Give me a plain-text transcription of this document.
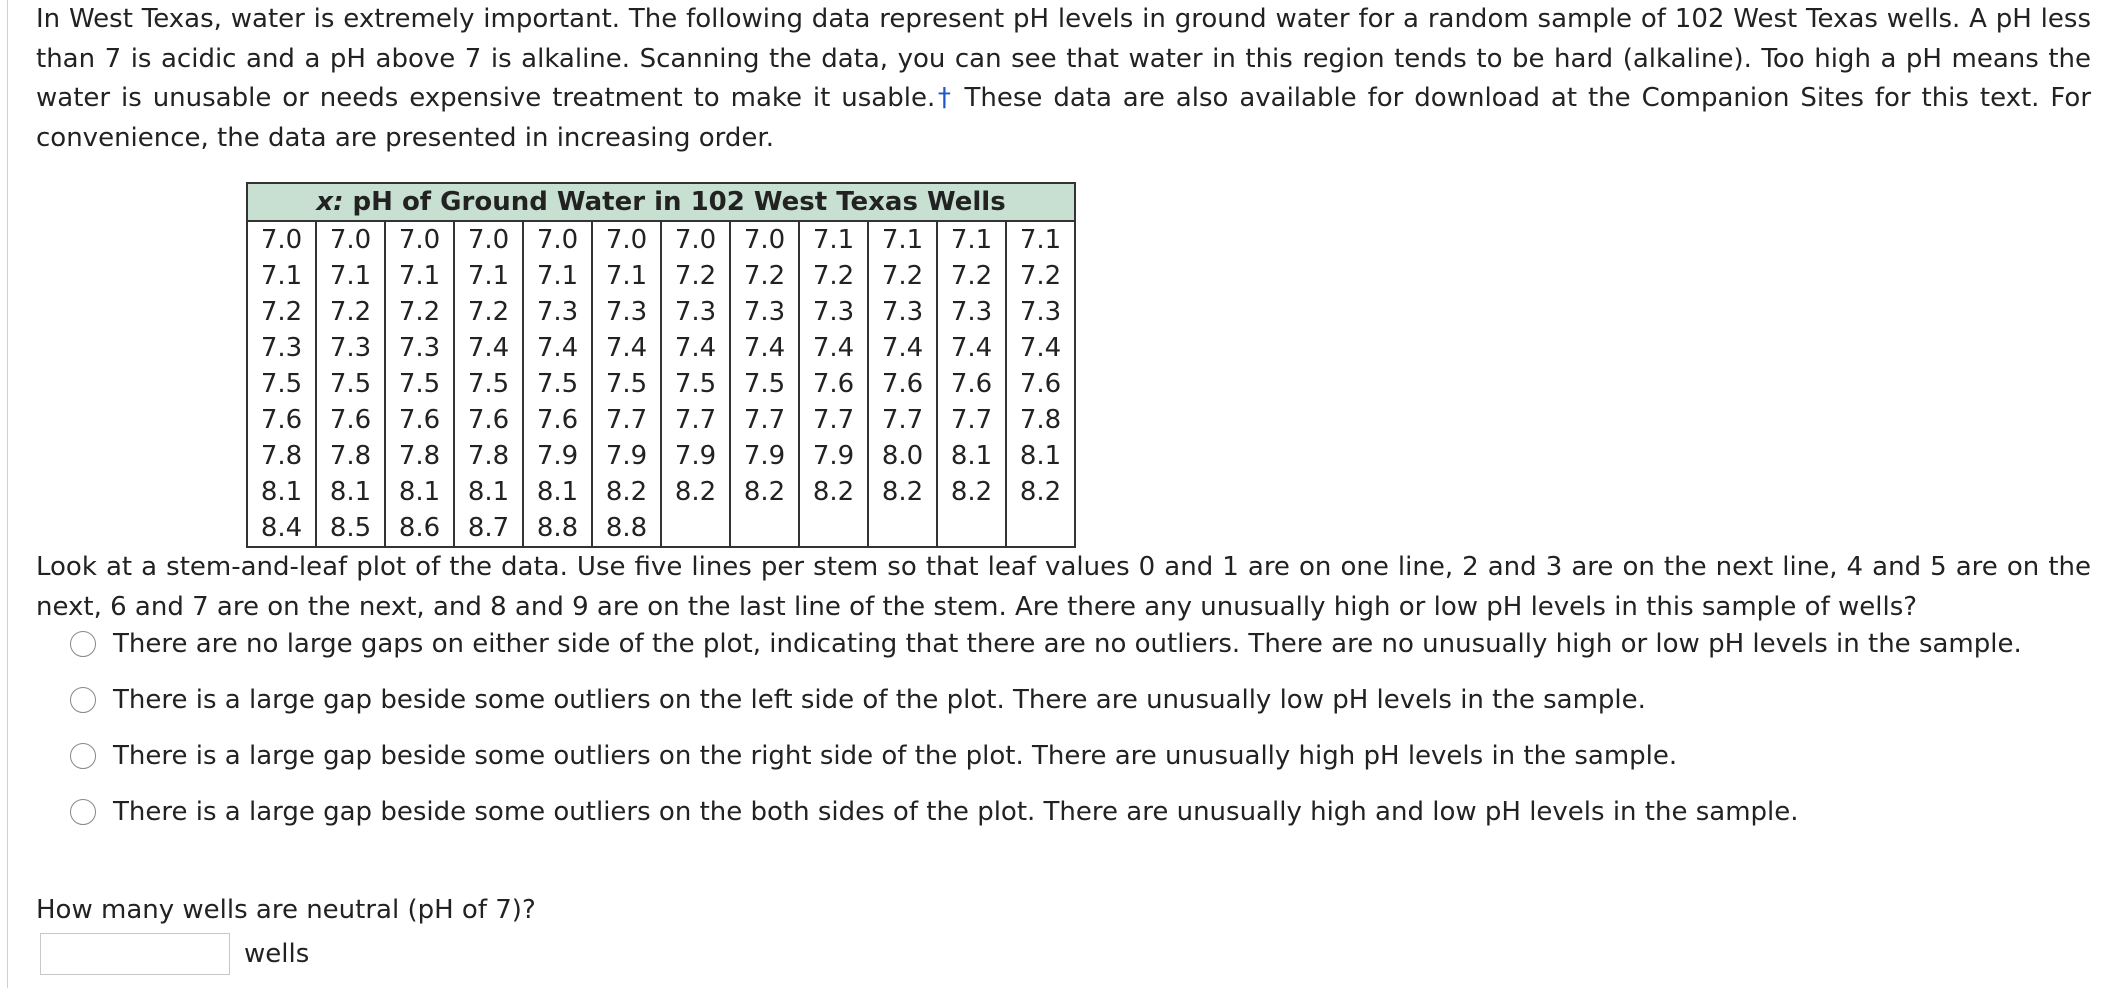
In West Texas, water is extremely important. The following data represent pH levels in ground water for a random sample of 102 West Texas wells. A pH less than 7 is acidic and a pH above 7 is alkaline. Scanning the data, you can see that water in this region tends to be hard (alkaline). Too high a pH means the water is unusable or needs expensive treatment to make it usable.† These data are also available for download at the Companion Sites for this text. For convenience, the data are presented in increasing order.

x: pH of Ground Water in 102 West Texas Wells											
7.0	7.0	7.0	7.0	7.0	7.0	7.0	7.0	7.1	7.1	7.1	7.1
7.1	7.1	7.1	7.1	7.1	7.1	7.2	7.2	7.2	7.2	7.2	7.2
7.2	7.2	7.2	7.2	7.3	7.3	7.3	7.3	7.3	7.3	7.3	7.3
7.3	7.3	7.3	7.4	7.4	7.4	7.4	7.4	7.4	7.4	7.4	7.4
7.5	7.5	7.5	7.5	7.5	7.5	7.5	7.5	7.6	7.6	7.6	7.6
7.6	7.6	7.6	7.6	7.6	7.7	7.7	7.7	7.7	7.7	7.7	7.8
7.8	7.8	7.8	7.8	7.9	7.9	7.9	7.9	7.9	8.0	8.1	8.1
8.1	8.1	8.1	8.1	8.1	8.2	8.2	8.2	8.2	8.2	8.2	8.2
8.4	8.5	8.6	8.7	8.8	8.8						

Look at a stem-and-leaf plot of the data. Use five lines per stem so that leaf values 0 and 1 are on one line, 2 and 3 are on the next line, 4 and 5 are on the next, 6 and 7 are on the next, and 8 and 9 are on the last line of the stem. Are there any unusually high or low pH levels in this sample of wells?

There are no large gaps on either side of the plot, indicating that there are no outliers. There are no unusually high or low pH levels in the sample.
There is a large gap beside some outliers on the left side of the plot. There are unusually low pH levels in the sample.
There is a large gap beside some outliers on the right side of the plot. There are unusually high pH levels in the sample.
There is a large gap beside some outliers on the both sides of the plot. There are unusually high and low pH levels in the sample.

How many wells are neutral (pH of 7)?

wells
